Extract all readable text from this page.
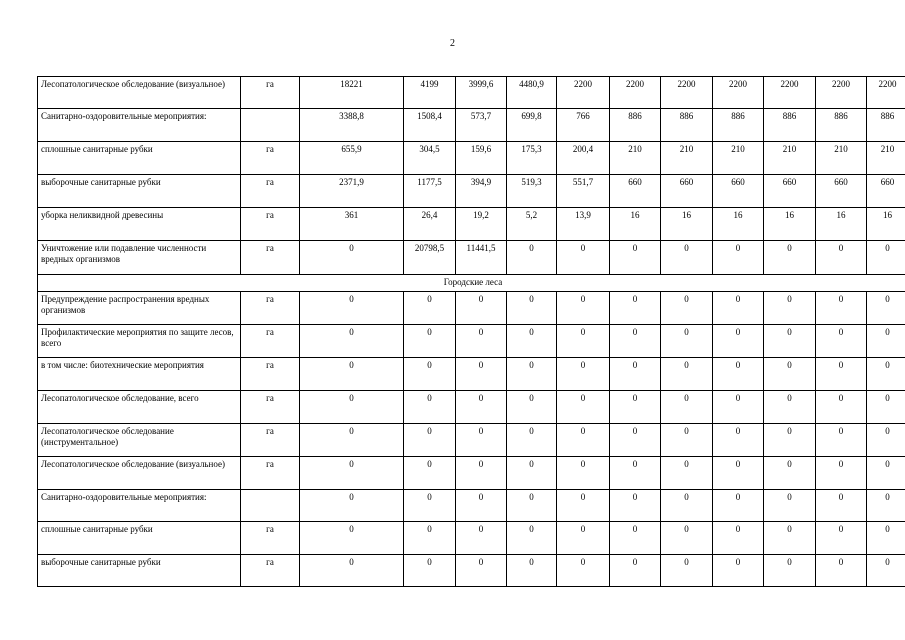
2
Лесопатологическое обследование (визуальное)	га	18221	4199	3999,6	4480,9	2200	2200	2200	2200	2200	2200	2200
Санитарно-оздоровительные мероприятия:		3388,8	1508,4	573,7	699,8	766	886	886	886	886	886	886
сплошные санитарные рубки	га	655,9	304,5	159,6	175,3	200,4	210	210	210	210	210	210
выборочные санитарные рубки	га	2371,9	1177,5	394,9	519,3	551,7	660	660	660	660	660	660
уборка неликвидной древесины	га	361	26,4	19,2	5,2	13,9	16	16	16	16	16	16
Уничтожение или подавление численности вредных организмов	га	0	20798,5	11441,5	0	0	0	0	0	0	0	0
Городские леса												
Предупреждение распространения вредных организмов	га	0	0	0	0	0	0	0	0	0	0	0
Профилактические мероприятия по защите лесов, всего	га	0	0	0	0	0	0	0	0	0	0	0
в том числе: биотехнические мероприятия	га	0	0	0	0	0	0	0	0	0	0	0
Лесопатологическое обследование, всего	га	0	0	0	0	0	0	0	0	0	0	0
Лесопатологическое обследование (инструментальное)	га	0	0	0	0	0	0	0	0	0	0	0
Лесопатологическое обследование (визуальное)	га	0	0	0	0	0	0	0	0	0	0	0
Санитарно-оздоровительные мероприятия:		0	0	0	0	0	0	0	0	0	0	0
сплошные санитарные рубки	га	0	0	0	0	0	0	0	0	0	0	0
выборочные санитарные рубки	га	0	0	0	0	0	0	0	0	0	0	0
